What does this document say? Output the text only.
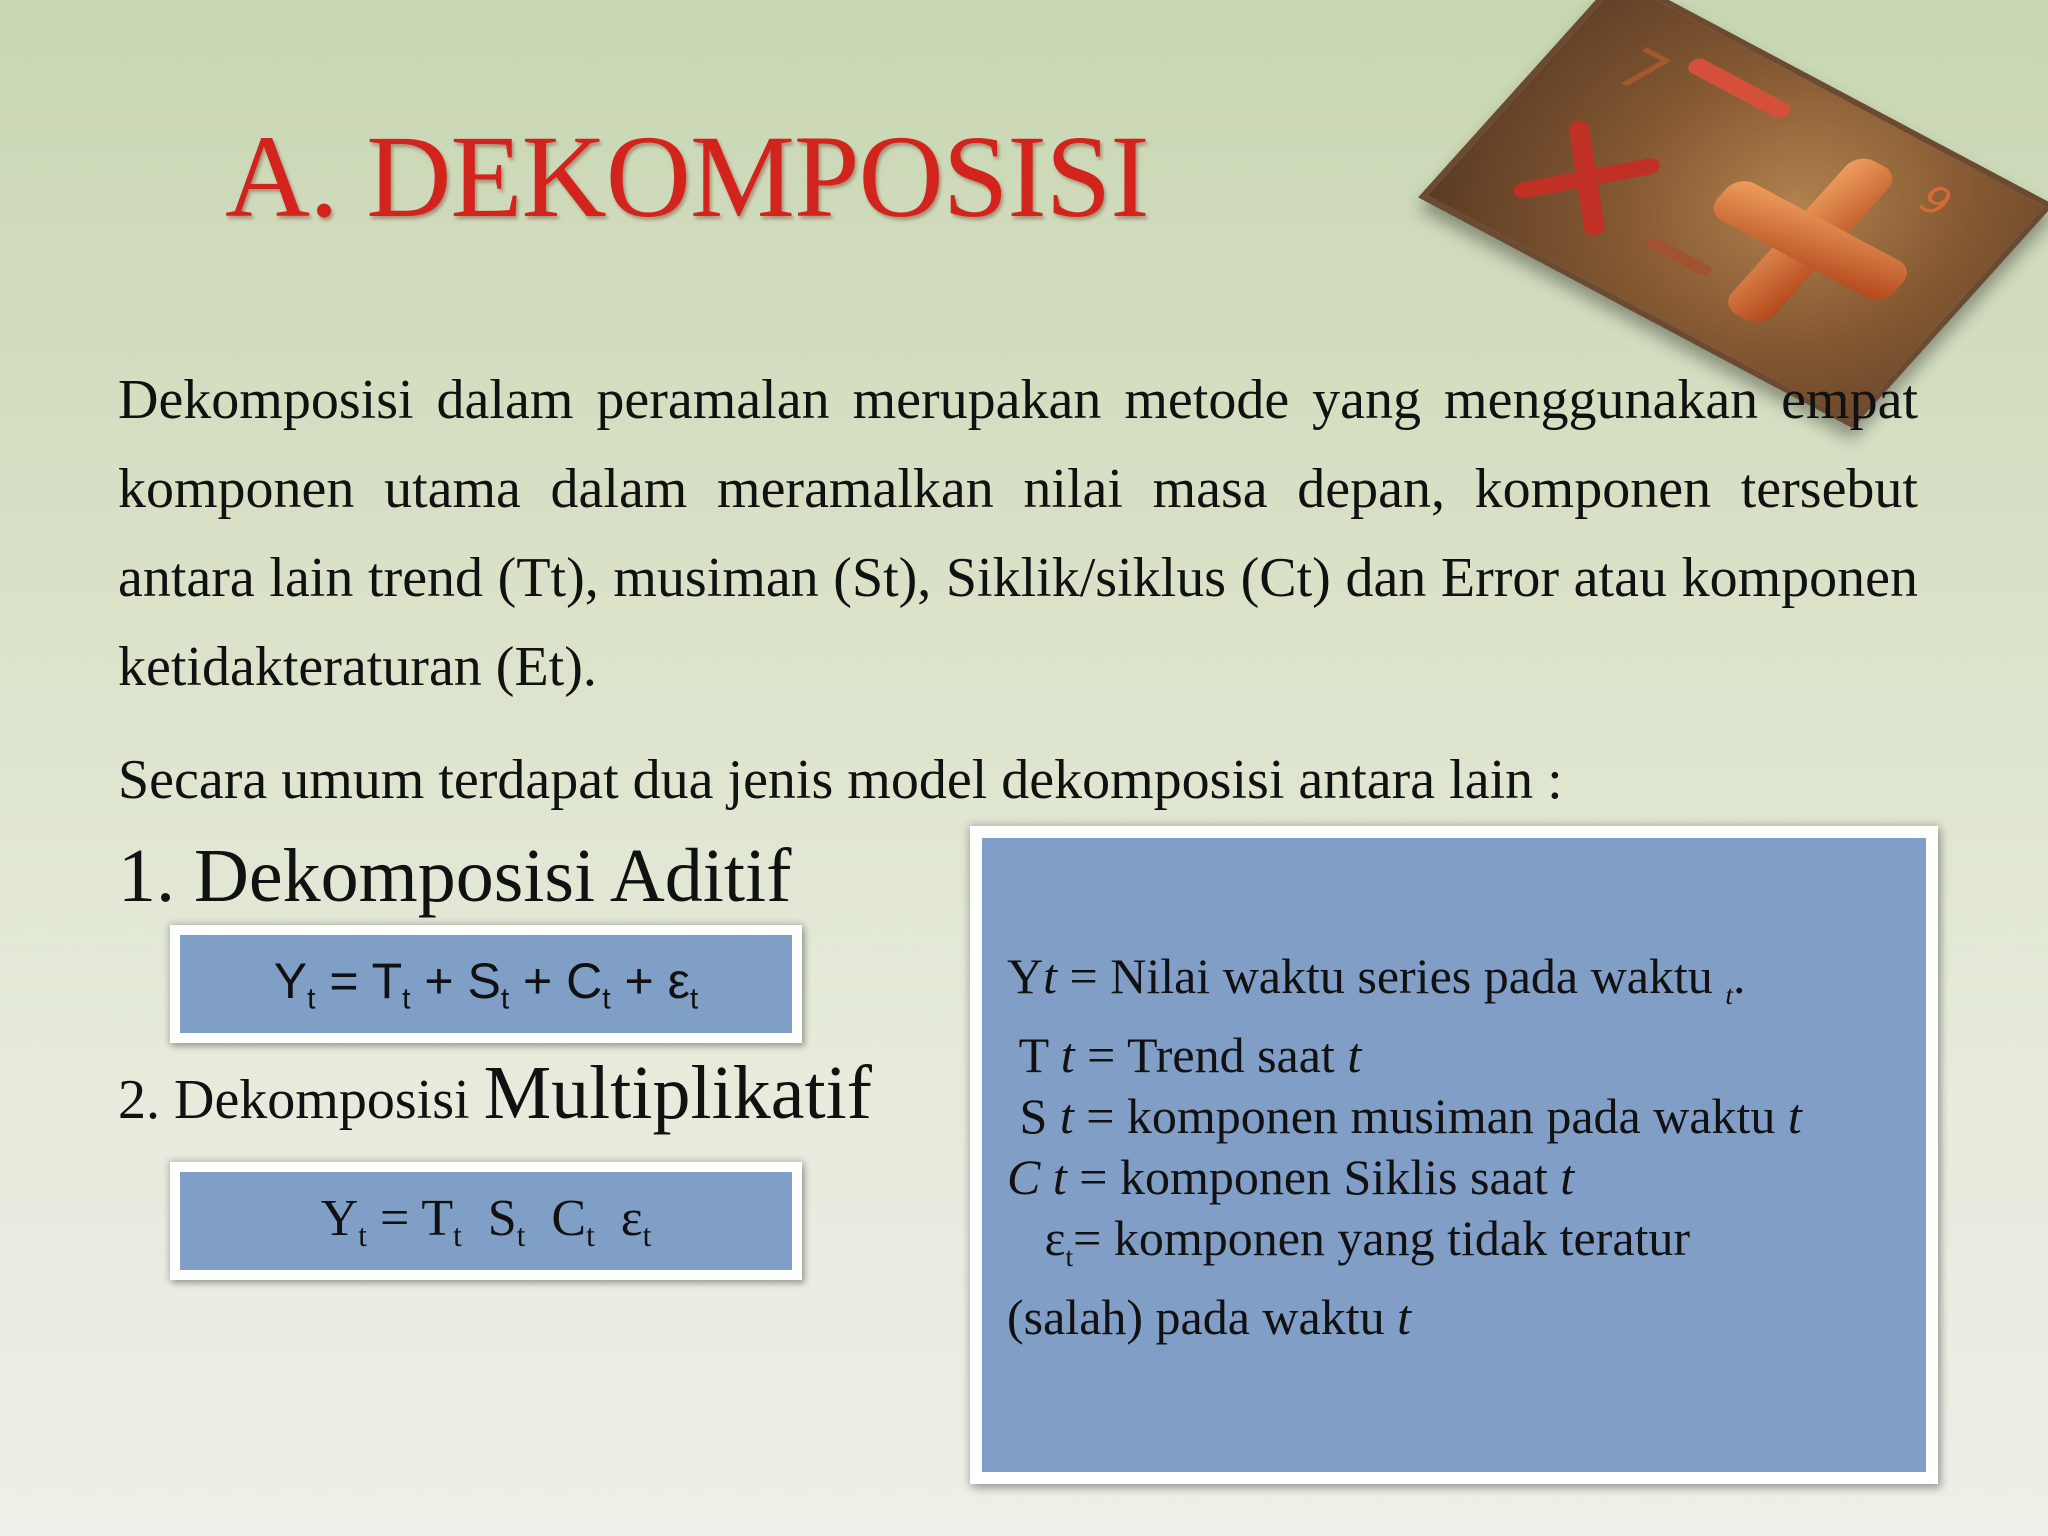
A. DEKOMPOSISI
7
9
Dekomposisi dalam peramalan merupakan metode yang menggunakan empat komponen utama dalam meramalkan nilai masa depan, komponen tersebut antara lain trend (Tt), musiman (St), Siklik/siklus (Ct) dan Error atau komponen ketidakteraturan (Et).
Secara umum terdapat dua jenis model dekomposisi antara lain :
1. Dekomposisi Aditif
$Y_t = T_t + S_t + C_t + \varepsilon_t$
2. Dekomposisi Multiplikatif
$Y_t = T_t$ $S_t$ $C_t$ $\varepsilon_t$
Yt = Nilai waktu series pada waktu $_t$.
T t = Trend saat t
S t = komponen musiman pada waktu t
C t = komponen Siklis saat t
$\varepsilon_t=$ komponen yang tidak teratur
(salah) pada waktu t
